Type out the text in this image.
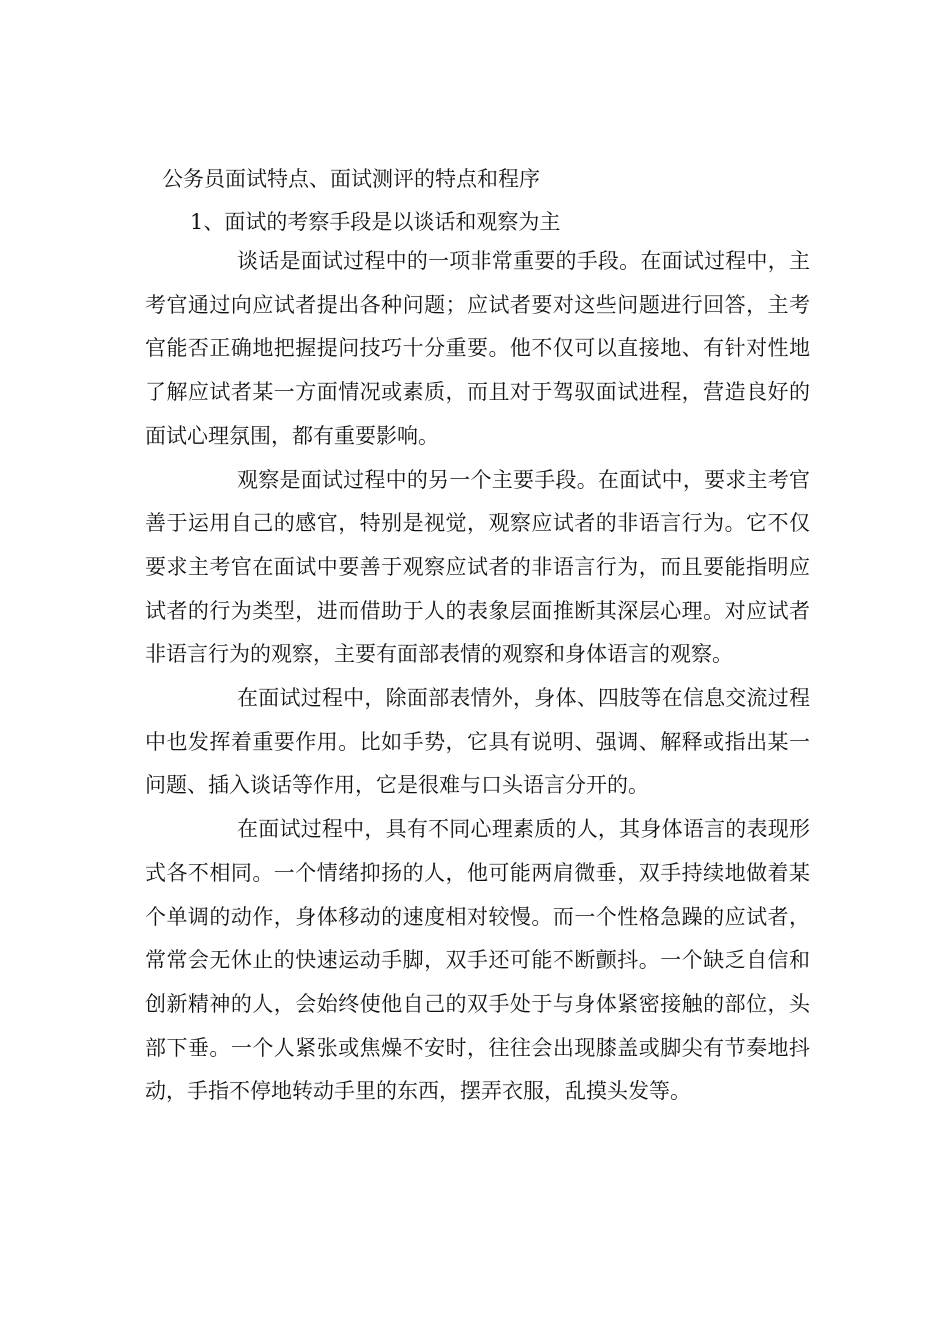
公务员面试特点、面试测评的特点和程序
1、面试的考察手段是以谈话和观察为主

谈话是面试过程中的一项非常重要的手段。在面试过程中，主考官通过向应试者提出各种问题；应试者要对这些问题进行回答，主考官能否正确地把握提问技巧十分重要。他不仅可以直接地、有针对性地了解应试者某一方面情况或素质，而且对于驾驭面试进程，营造良好的面试心理氛围，都有重要影响。

观察是面试过程中的另一个主要手段。在面试中，要求主考官善于运用自己的感官，特别是视觉，观察应试者的非语言行为。它不仅要求主考官在面试中要善于观察应试者的非语言行为，而且要能指明应试者的行为类型，进而借助于人的表象层面推断其深层心理。对应试者非语言行为的观察，主要有面部表情的观察和身体语言的观察。

在面试过程中，除面部表情外，身体、四肢等在信息交流过程中也发挥着重要作用。比如手势，它具有说明、强调、解释或指出某一问题、插入谈话等作用，它是很难与口头语言分开的。

在面试过程中，具有不同心理素质的人，其身体语言的表现形式各不相同。一个情绪抑扬的人，他可能两肩微垂，双手持续地做着某个单调的动作，身体移动的速度相对较慢。而一个性格急躁的应试者，常常会无休止的快速运动手脚，双手还可能不断颤抖。一个缺乏自信和创新精神的人，会始终使他自己的双手处于与身体紧密接触的部位，头部下垂。一个人紧张或焦燥不安时，往往会出现膝盖或脚尖有节奏地抖动，手指不停地转动手里的东西，摆弄衣服，乱摸头发等。
